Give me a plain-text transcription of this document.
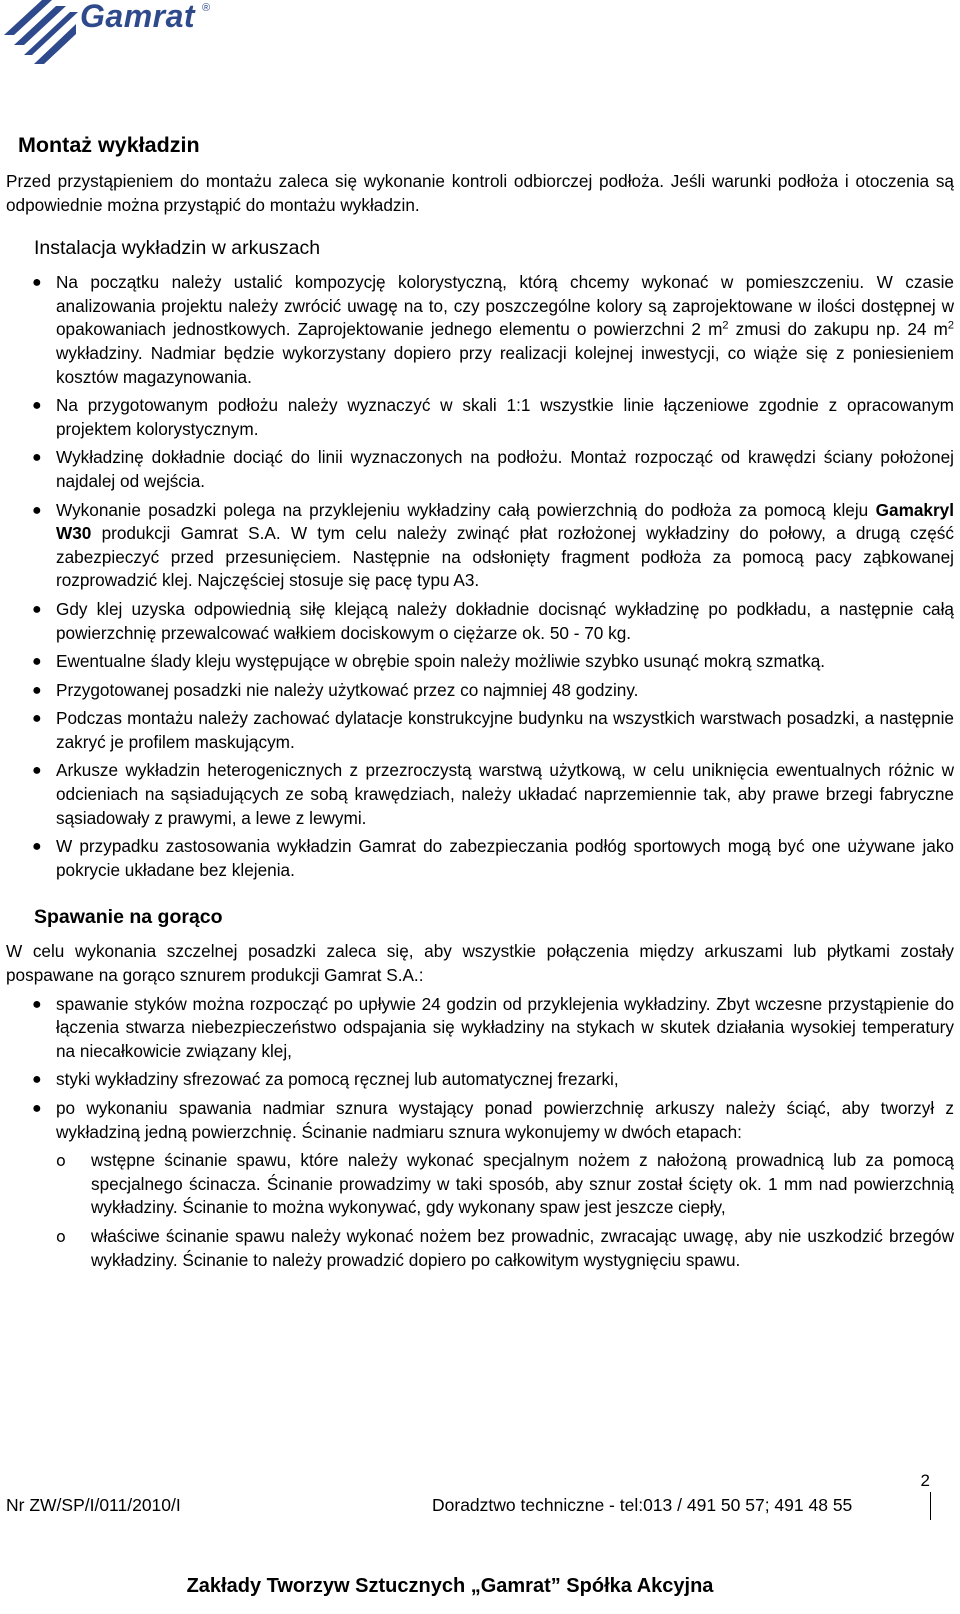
Gamrat ®
Montaż wykładzin

Przed przystąpieniem do montażu zaleca się wykonanie kontroli odbiorczej podłoża. Jeśli warunki podłoża i otoczenia są odpowiednie można przystąpić do montażu wykładzin.

Instalacja wykładzin w arkuszach
● Na początku należy ustalić kompozycję kolorystyczną, którą chcemy wykonać w pomieszczeniu. W czasie analizowania projektu należy zwrócić uwagę na to, czy poszczególne kolory są zaprojektowane w ilości dostępnej w opakowaniach jednostkowych. Zaprojektowanie jednego elementu o powierzchni 2 $m^2$ zmusi do zakupu np. 24 $m^2$ wykładziny. Nadmiar będzie wykorzystany dopiero przy realizacji kolejnej inwestycji, co wiąże się z poniesieniem kosztów magazynowania.
● Na przygotowanym podłożu należy wyznaczyć w skali 1:1 wszystkie linie łączeniowe zgodnie z opracowanym projektem kolorystycznym.
● Wykładzinę dokładnie dociąć do linii wyznaczonych na podłożu. Montaż rozpocząć od krawędzi ściany położonej najdalej od wejścia.
● Wykonanie posadzki polega na przyklejeniu wykładziny całą powierzchnią do podłoża za pomocą kleju Gamakryl W30 produkcji Gamrat S.A. W tym celu należy zwinąć płat rozłożonej wykładziny do połowy, a drugą część zabezpieczyć przed przesunięciem. Następnie na odsłonięty fragment podłoża za pomocą pacy ząbkowanej rozprowadzić klej. Najczęściej stosuje się pacę typu A3.
● Gdy klej uzyska odpowiednią siłę klejącą należy dokładnie docisnąć wykładzinę po podkładu, a następnie całą powierzchnię przewalcować wałkiem dociskowym o ciężarze ok. 50 - 70 kg.
● Ewentualne ślady kleju występujące w obrębie spoin należy możliwie szybko usunąć mokrą szmatką.
● Przygotowanej posadzki nie należy użytkować przez co najmniej 48 godziny.
● Podczas montażu należy zachować dylatacje konstrukcyjne budynku na wszystkich warstwach posadzki, a następnie zakryć je profilem maskującym.
● Arkusze wykładzin heterogenicznych z przezroczystą warstwą użytkową, w celu uniknięcia ewentualnych różnic w odcieniach na sąsiadujących ze sobą krawędziach, należy układać naprzemiennie tak, aby prawe brzegi fabryczne sąsiadowały z prawymi, a lewe z lewymi.
● W przypadku zastosowania wykładzin Gamrat do zabezpieczania podłóg sportowych mogą być one używane jako pokrycie układane bez klejenia.
Spawanie na gorąco

W celu wykonania szczelnej posadzki zaleca się, aby wszystkie połączenia między arkuszami lub płytkami zostały pospawane na gorąco sznurem produkcji Gamrat S.A.:

● spawanie styków można rozpocząć po upływie 24 godzin od przyklejenia wykładziny. Zbyt wczesne przystąpienie do łączenia stwarza niebezpieczeństwo odspajania się wykładziny na stykach w skutek działania wysokiej temperatury na niecałkowicie związany klej,
● styki wykładziny sfrezować za pomocą ręcznej lub automatycznej frezarki,
● po wykonaniu spawania nadmiar sznura wystający ponad powierzchnię arkuszy należy ściąć, aby tworzył z wykładziną jedną powierzchnię. Ścinanie nadmiaru sznura wykonujemy w dwóch etapach:
o wstępne ścinanie spawu, które należy wykonać specjalnym nożem z nałożoną prowadnicą lub za pomocą specjalnego ścinacza. Ścinanie prowadzimy w taki sposób, aby sznur został ścięty ok. 1 mm nad powierzchnią wykładziny. Ścinanie to można wykonywać, gdy wykonany spaw jest jeszcze ciepły,
o właściwe ścinanie spawu należy wykonać nożem bez prowadnic, zwracając uwagę, aby nie uszkodzić brzegów wykładziny. Ścinanie to należy prowadzić dopiero po całkowitym wystygnięciu spawu.
2
Nr ZW/SP/I/011/2010/I	Doradztwo techniczne - tel:013 / 491 50 57; 491 48 55
Zakłady Tworzyw Sztucznych „Gamrat” Spółka Akcyjna
